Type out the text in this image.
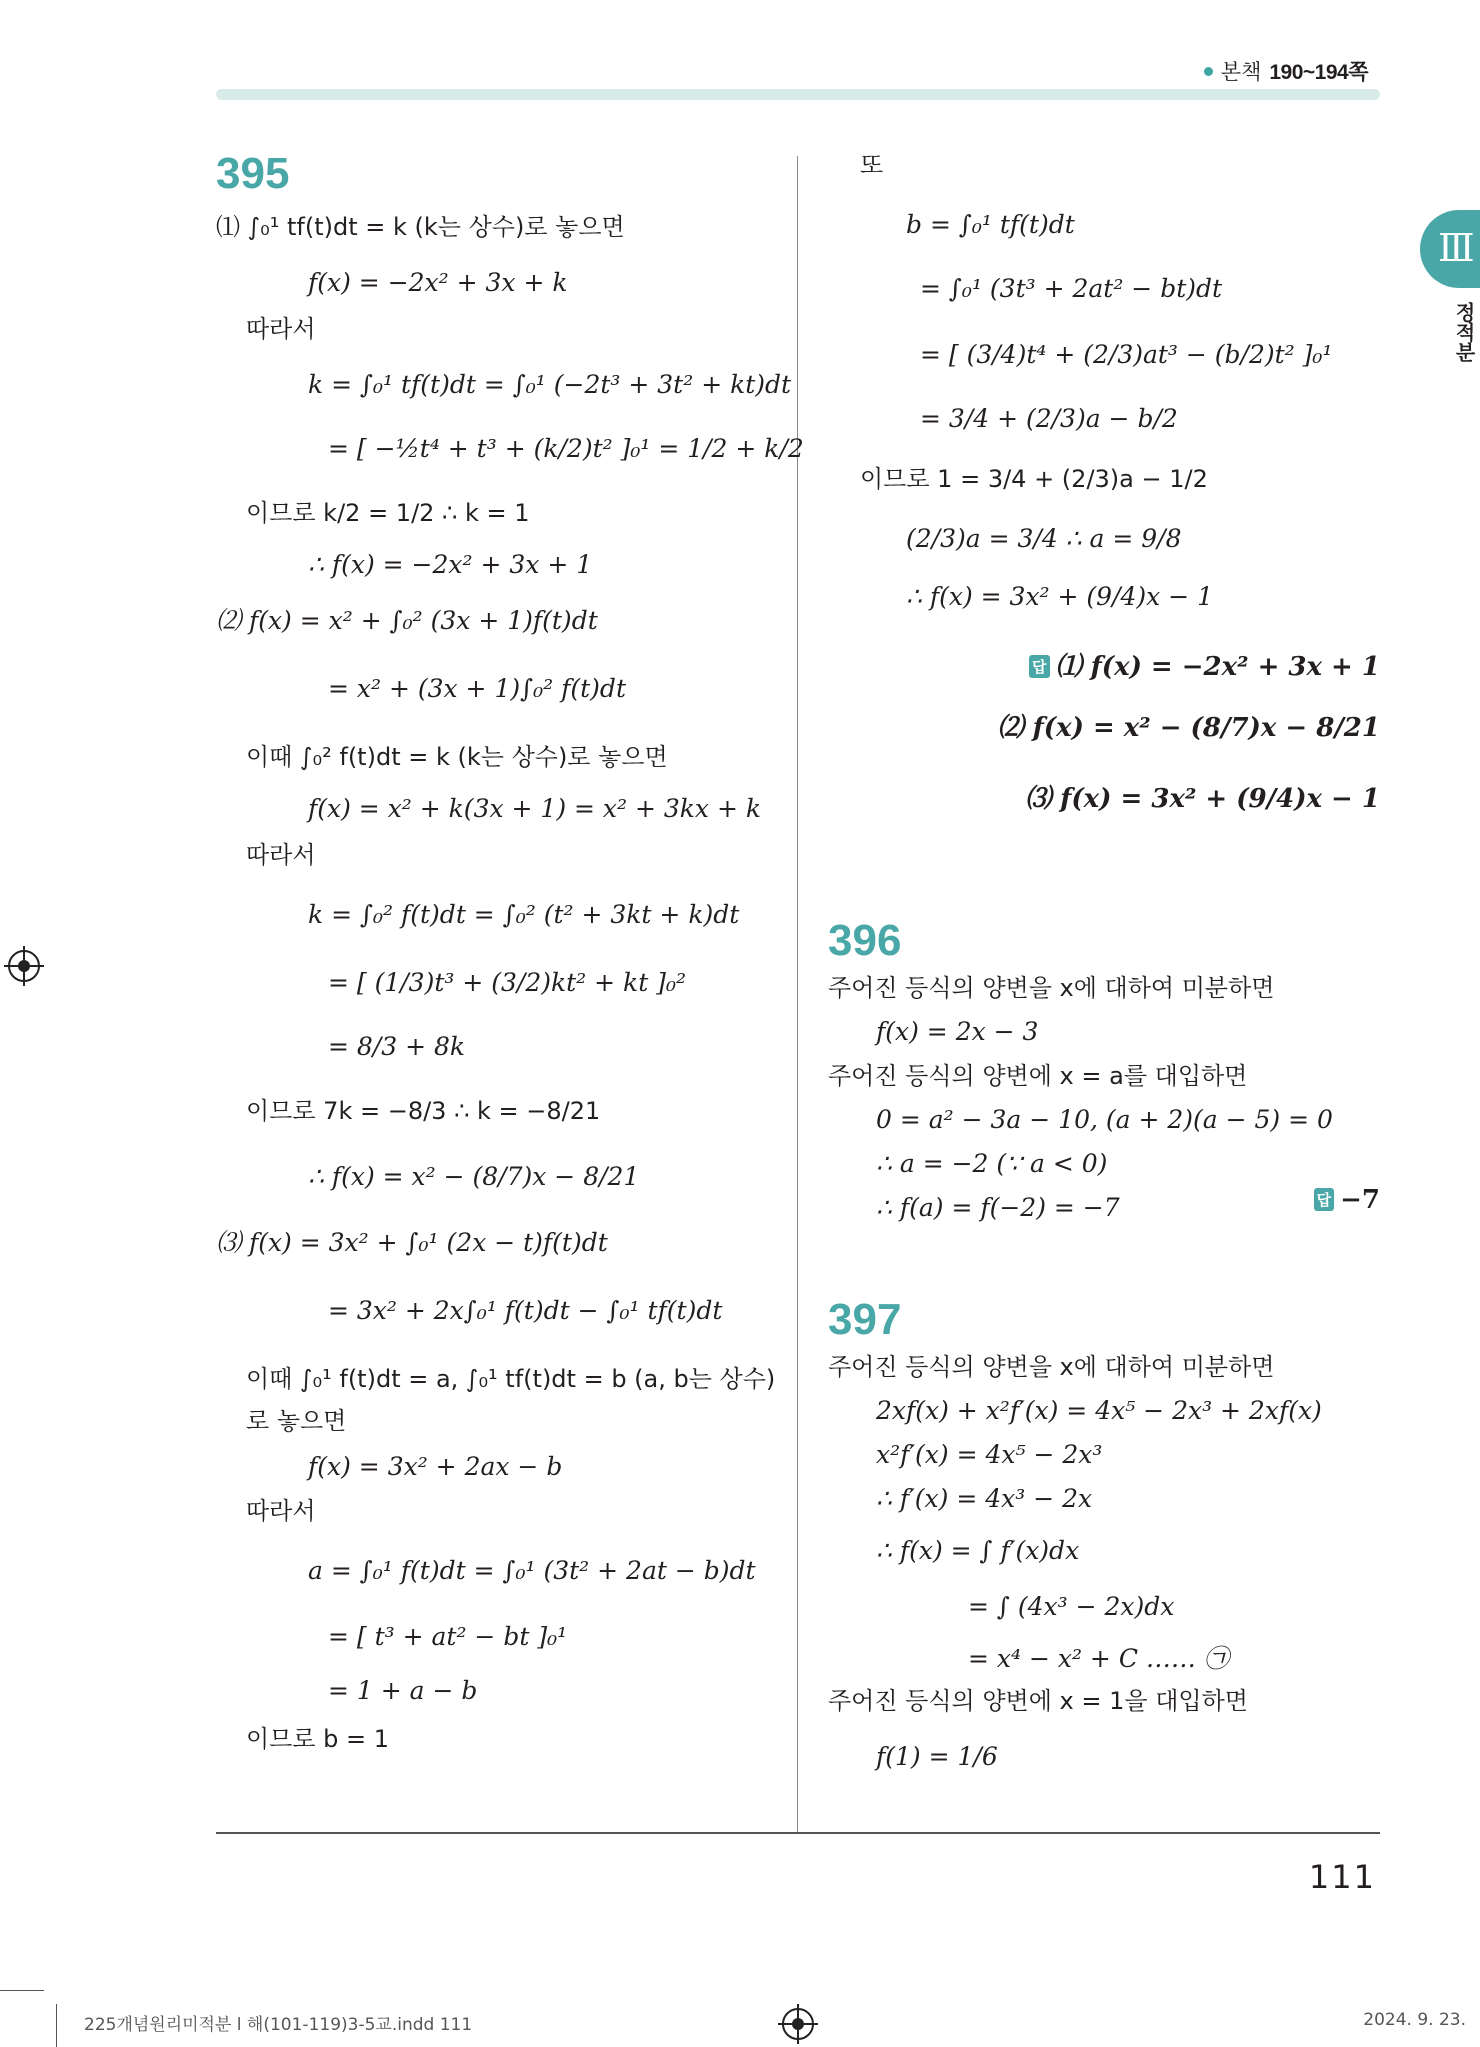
본책 190~194쪽
Ⅲ
정적분
395
⑴ ∫₀¹ tf(t)dt = k (k는 상수)로 놓으면
f(x) = −2x² + 3x + k
따라서
k = ∫₀¹ tf(t)dt = ∫₀¹ (−2t³ + 3t² + kt)dt
= [ −½t⁴ + t³ + (k/2)t² ]₀¹ = 1/2 + k/2
이므로 k/2 = 1/2 ∴ k = 1
∴ f(x) = −2x² + 3x + 1
⑵ f(x) = x² + ∫₀² (3x + 1)f(t)dt
= x² + (3x + 1)∫₀² f(t)dt
이때 ∫₀² f(t)dt = k (k는 상수)로 놓으면
f(x) = x² + k(3x + 1) = x² + 3kx + k
따라서
k = ∫₀² f(t)dt = ∫₀² (t² + 3kt + k)dt
= [ (1/3)t³ + (3/2)kt² + kt ]₀²
= 8/3 + 8k
이므로 7k = −8/3 ∴ k = −8/21
∴ f(x) = x² − (8/7)x − 8/21
⑶ f(x) = 3x² + ∫₀¹ (2x − t)f(t)dt
= 3x² + 2x∫₀¹ f(t)dt − ∫₀¹ tf(t)dt
이때 ∫₀¹ f(t)dt = a, ∫₀¹ tf(t)dt = b (a, b는 상수)
로 놓으면
f(x) = 3x² + 2ax − b
따라서
a = ∫₀¹ f(t)dt = ∫₀¹ (3t² + 2at − b)dt
= [ t³ + at² − bt ]₀¹
= 1 + a − b
이므로 b = 1
또
b = ∫₀¹ tf(t)dt
= ∫₀¹ (3t³ + 2at² − bt)dt
= [ (3/4)t⁴ + (2/3)at³ − (b/2)t² ]₀¹
= 3/4 + (2/3)a − b/2
이므로 1 = 3/4 + (2/3)a − 1/2
(2/3)a = 3/4 ∴ a = 9/8
∴ f(x) = 3x² + (9/4)x − 1
답 ⑴ f(x) = −2x² + 3x + 1
⑵ f(x) = x² − (8/7)x − 8/21
⑶ f(x) = 3x² + (9/4)x − 1
396
주어진 등식의 양변을 x에 대하여 미분하면
f(x) = 2x − 3
주어진 등식의 양변에 x = a를 대입하면
0 = a² − 3a − 10, (a + 2)(a − 5) = 0
∴ a = −2 (∵ a < 0)
∴ f(a) = f(−2) = −7	답 −7
397
주어진 등식의 양변을 x에 대하여 미분하면
2xf(x) + x²f′(x) = 4x⁵ − 2x³ + 2xf(x)
x²f′(x) = 4x⁵ − 2x³
∴ f′(x) = 4x³ − 2x
∴ f(x) = ∫ f′(x)dx
= ∫ (4x³ − 2x)dx
= x⁴ − x² + C …… ㉠
주어진 등식의 양변에 x = 1을 대입하면
f(1) = 1/6
111
225개념원리미적분 l 해(101-119)3-5교.indd 111	2024. 9. 23.
